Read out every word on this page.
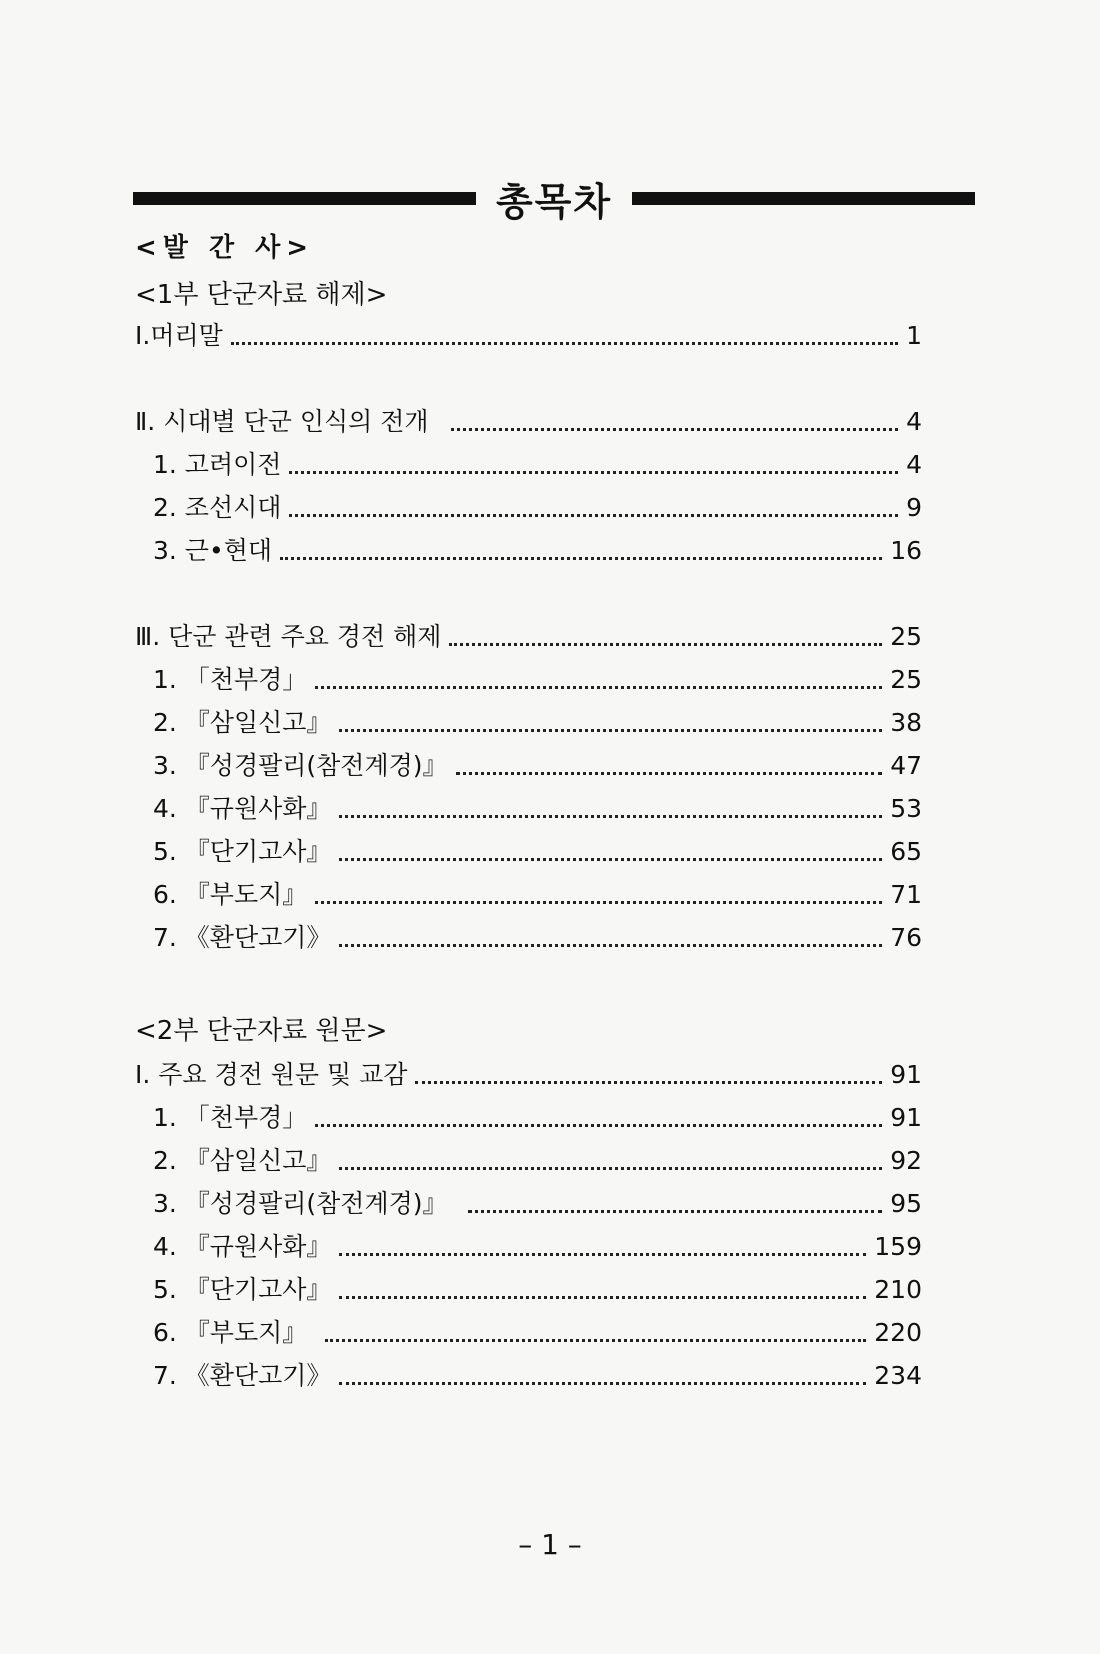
총목차
<발 간 사>
<1부 단군자료 해제>
Ⅰ.머리말	1
Ⅱ. 시대별 단군 인식의 전개	4
1. 고려이전	4
2. 조선시대	9
3. 근•현대	16
Ⅲ. 단군 관련 주요 경전 해제	25
1. 「천부경」	25
2. 『삼일신고』	38
3. 『성경팔리(참전계경)』	47
4. 『규원사화』	53
5. 『단기고사』	65
6. 『부도지』	71
7. 《환단고기》	76
<2부 단군자료 원문>
Ⅰ. 주요 경전 원문 및 교감	91
1. 「천부경」	91
2. 『삼일신고』	92
3. 『성경팔리(참전계경)』	95
4. 『규원사화』	159
5. 『단기고사』	210
6. 『부도지』	220
7. 《환단고기》	234
– 1 –
